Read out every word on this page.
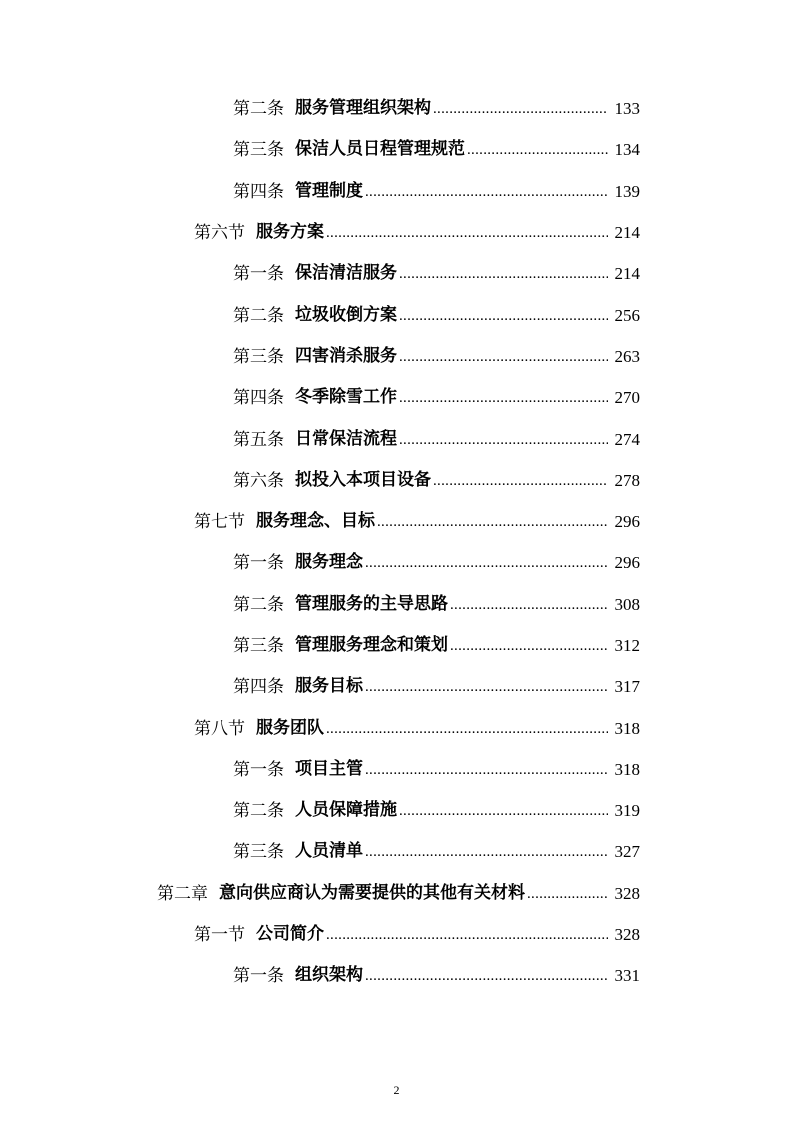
第二条 服务管理组织架构 .....	133
第三条 保洁人员日程管理规范 .....	134
第四条 管理制度 .....	139
第六节 服务方案 .....	214
第一条 保洁清洁服务 .....	214
第二条 垃圾收倒方案 .....	256
第三条 四害消杀服务 .....	263
第四条 冬季除雪工作 .....	270
第五条 日常保洁流程 .....	274
第六条 拟投入本项目设备 .....	278
第七节 服务理念、目标 .....	296
第一条 服务理念 .....	296
第二条 管理服务的主导思路 .....	308
第三条 管理服务理念和策划 .....	312
第四条 服务目标 .....	317
第八节 服务团队 .....	318
第一条 项目主管 .....	318
第二条 人员保障措施 .....	319
第三条 人员清单 .....	327
第二章 意向供应商认为需要提供的其他有关材料 .....	328
第一节 公司简介 .....	328
第一条 组织架构 .....	331
2
